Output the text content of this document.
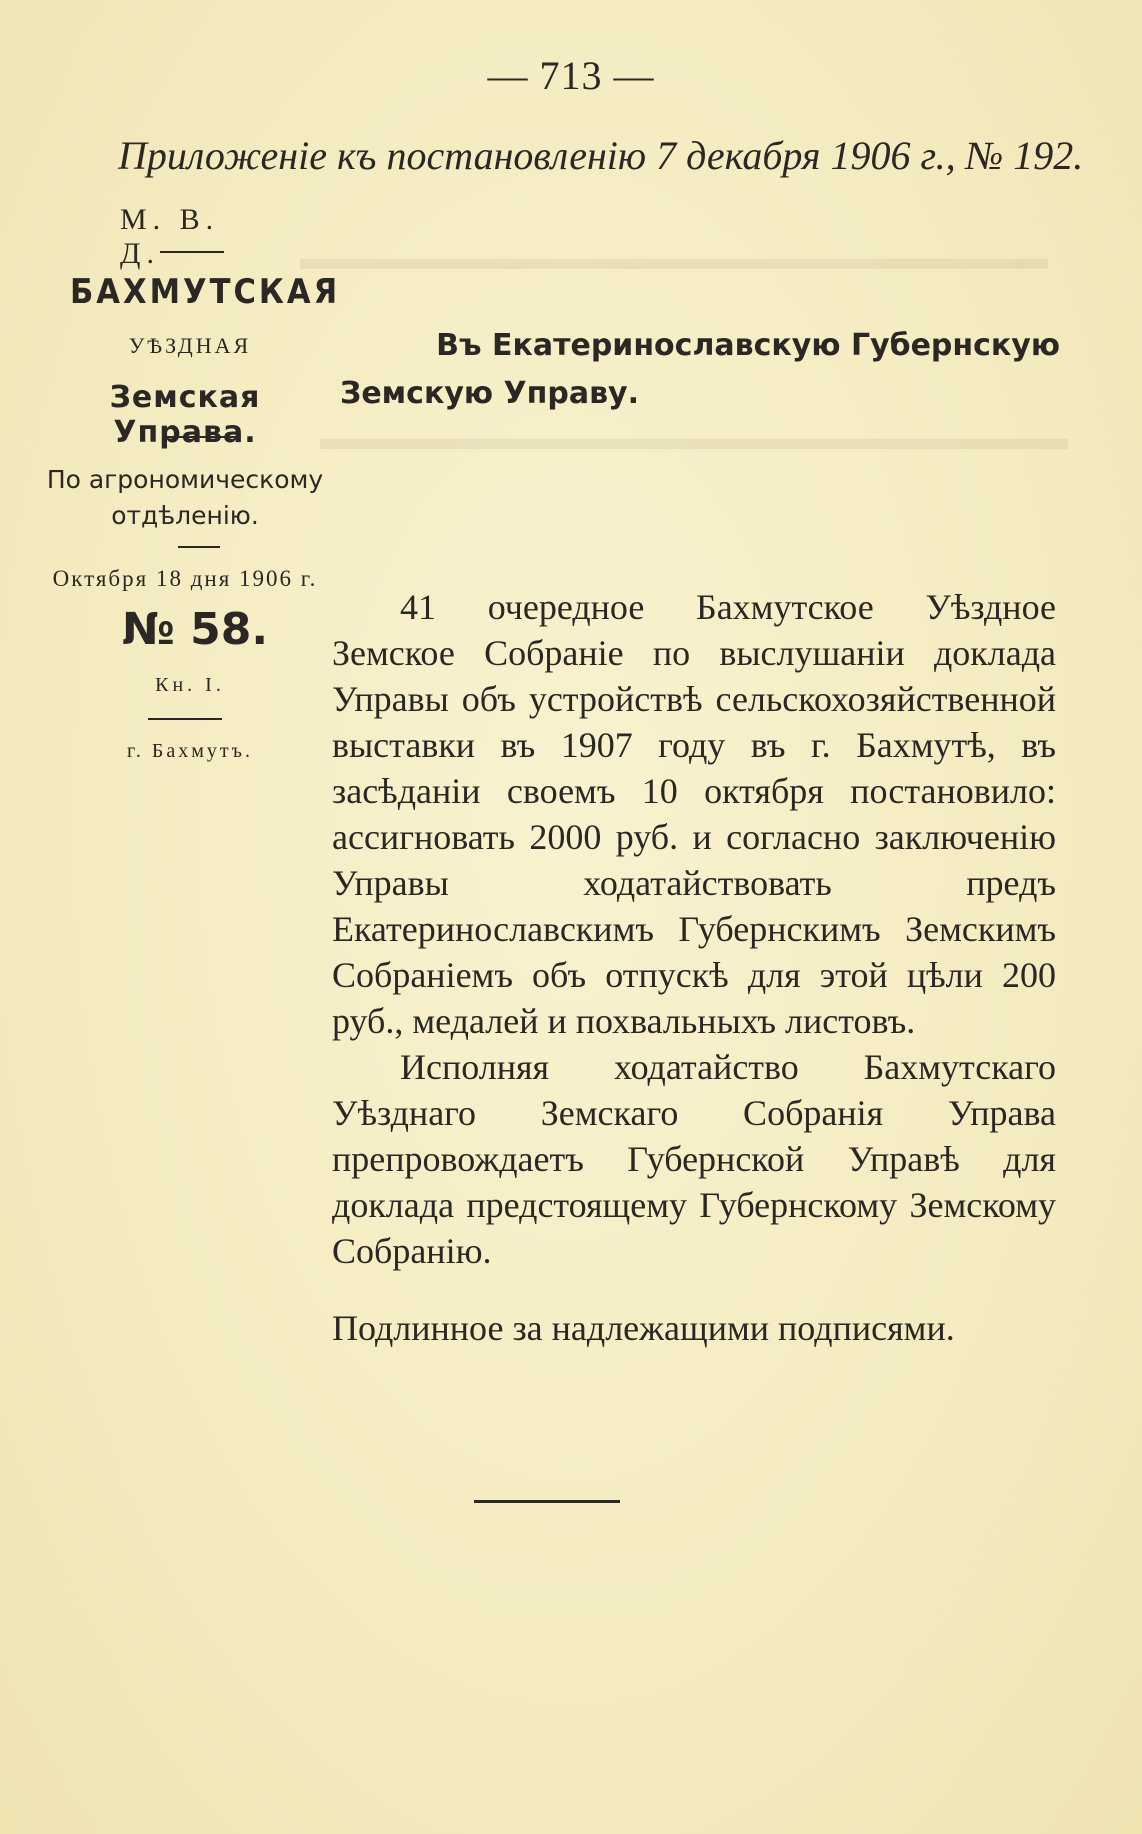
▬▬▬▬▬▬▬▬▬▬▬▬▬▬▬▬▬▬▬▬▬▬
▬▬▬▬▬▬▬▬▬▬▬▬▬▬▬▬▬▬▬▬▬▬
— 713 —
Приложеніе къ постановленію 7 декабря 1906 г., № 192.
М. В. Д.
БАХМУТСКАЯ
УѢЗДНАЯ
Земская Управа.
По агрономическому
отдѣленію.
Октября 18 дня 1906 г.
№ 58.
Кн. I.
г. Бахмутъ.
Въ Екатеринославскую Губернскую
Земскую Управу.

41 очередное Бахмутское Уѣздное Земское Собраніе по выслушаніи доклада Управы объ устройствѣ сельскохозяйственной выставки въ 1907 году въ г. Бахмутѣ, въ засѣданіи своемъ 10 октября постановило: ассигновать 2000 руб. и согласно заключенію Управы ходатайствовать предъ Екатеринославскимъ Губернскимъ Земскимъ Собраніемъ объ отпускѣ для этой цѣли 200 руб., медалей и похвальныхъ листовъ.

Исполняя ходатайство Бахмутскаго Уѣзднаго Земскаго Собранія Управа препровождаетъ Губернской Управѣ для доклада предстоящему Губернскому Земскому Собранію.

Подлинное за надлежащими подписями.
